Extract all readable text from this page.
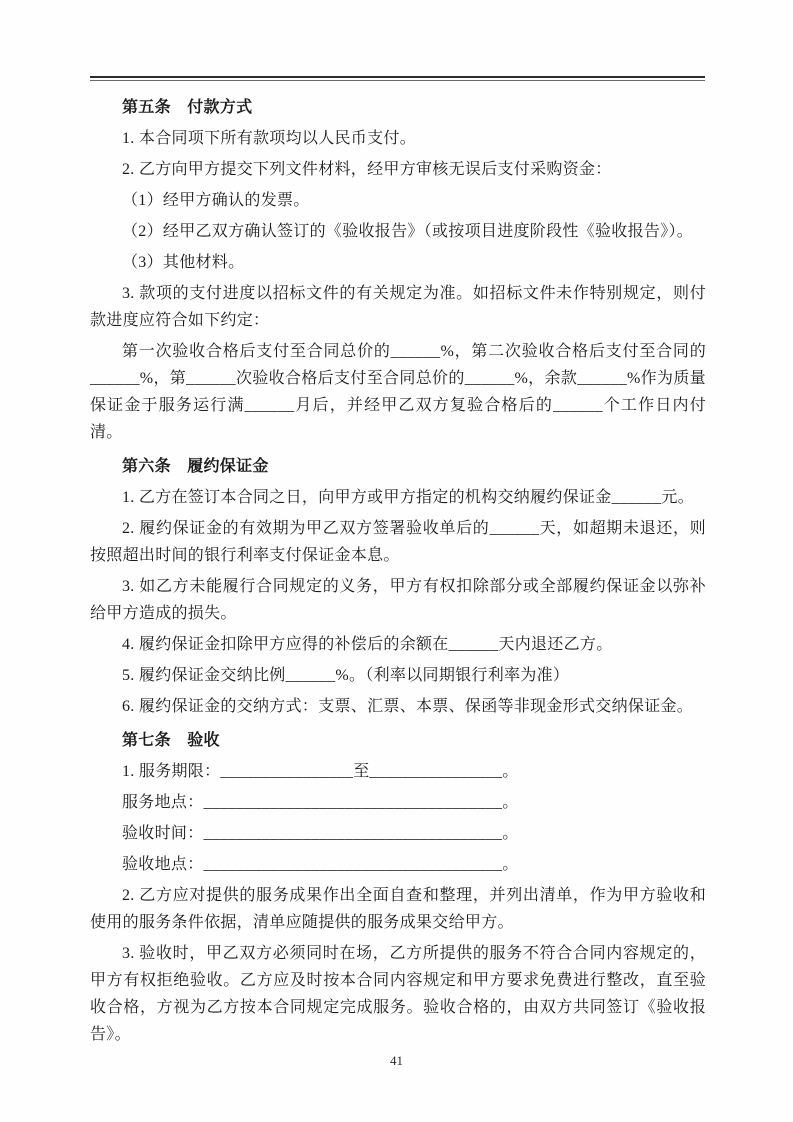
第五条　付款方式

1. 本合同项下所有款项均以人民币支付。

2. 乙方向甲方提交下列文件材料，经甲方审核无误后支付采购资金：

（1）经甲方确认的发票。

（2）经甲乙双方确认签订的《验收报告》（或按项目进度阶段性《验收报告》）。

（3）其他材料。

3. 款项的支付进度以招标文件的有关规定为准。如招标文件未作特别规定，则付款进度应符合如下约定：

第一次验收合格后支付至合同总价的______%，第二次验收合格后支付至合同的______%，第______次验收合格后支付至合同总价的______%，余款______%作为质量保证金于服务运行满______月后，并经甲乙双方复验合格后的______个工作日内付清。

第六条　履约保证金

1. 乙方在签订本合同之日，向甲方或甲方指定的机构交纳履约保证金______元。

2. 履约保证金的有效期为甲乙双方签署验收单后的______天，如超期未退还，则按照超出时间的银行利率支付保证金本息。

3. 如乙方未能履行合同规定的义务，甲方有权扣除部分或全部履约保证金以弥补给甲方造成的损失。

4. 履约保证金扣除甲方应得的补偿后的余额在______天内退还乙方。

5. 履约保证金交纳比例______%。（利率以同期银行利率为准）

6. 履约保证金的交纳方式：支票、汇票、本票、保函等非现金形式交纳保证金。

第七条　验收

1. 服务期限：________________至________________。

服务地点：____________________________________。

验收时间：____________________________________。

验收地点：____________________________________。

2. 乙方应对提供的服务成果作出全面自查和整理，并列出清单，作为甲方验收和使用的服务条件依据，清单应随提供的服务成果交给甲方。

3. 验收时，甲乙双方必须同时在场，乙方所提供的服务不符合合同内容规定的，甲方有权拒绝验收。乙方应及时按本合同内容规定和甲方要求免费进行整改，直至验收合格，方视为乙方按本合同规定完成服务。验收合格的，由双方共同签订《验收报告》。

41
